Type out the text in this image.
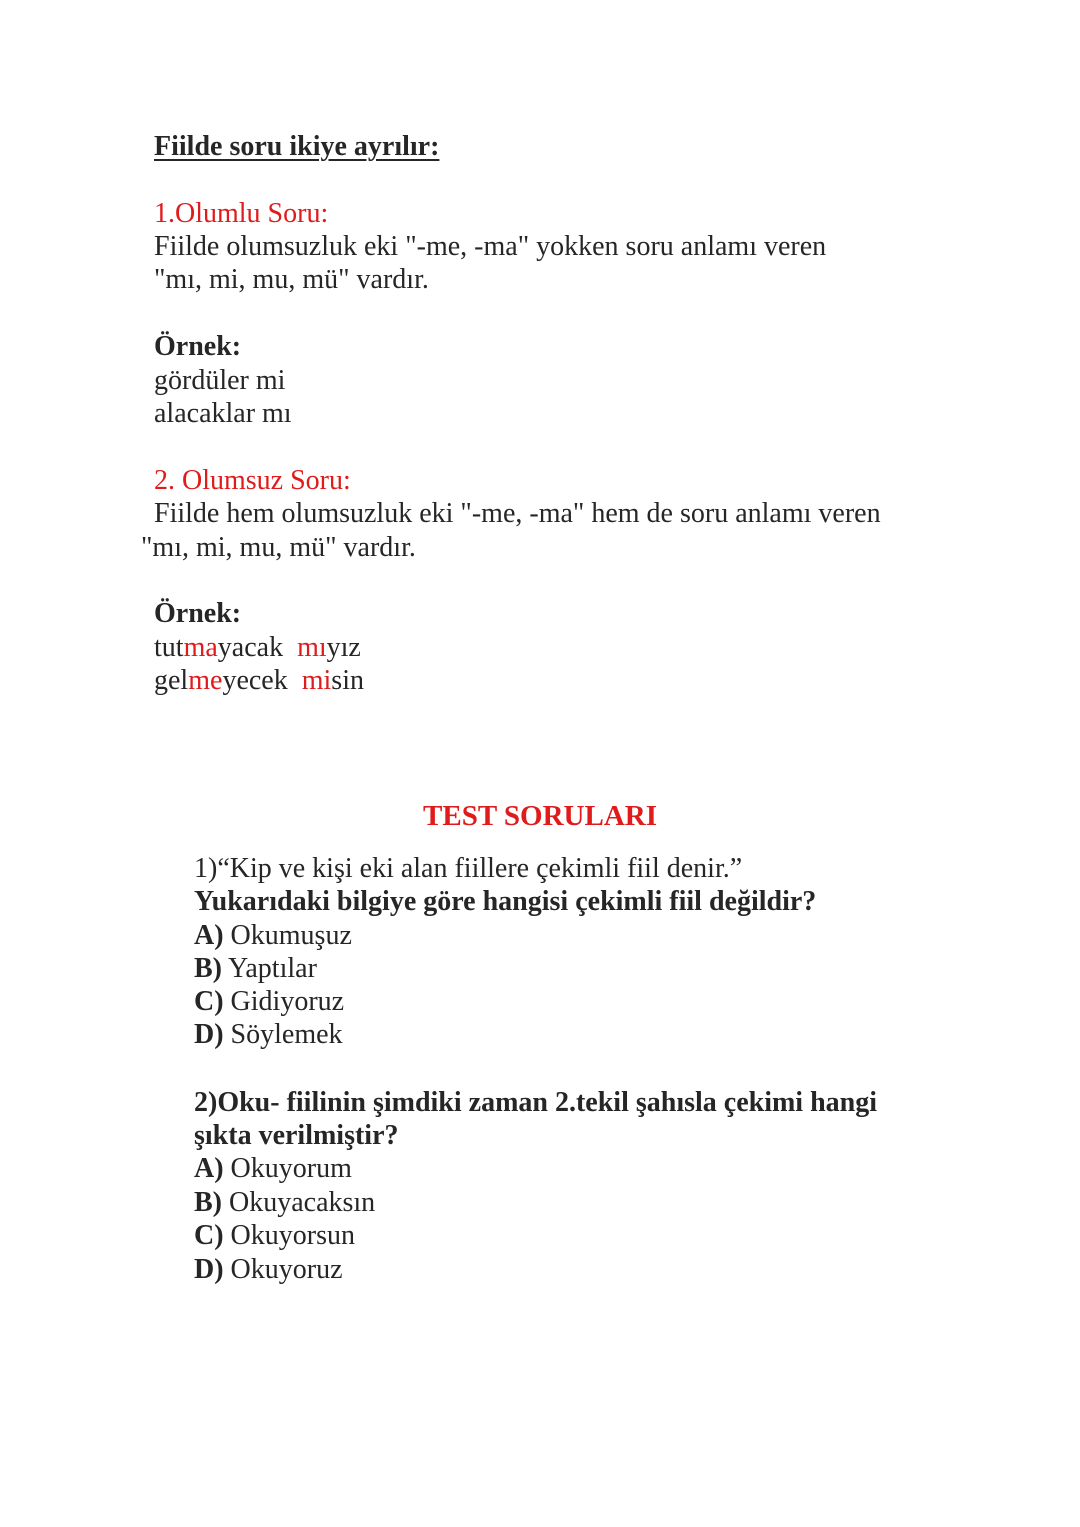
Fiilde soru ikiye ayrılır:
1.Olumlu Soru:
Fiilde olumsuzluk eki "-me, -ma" yokken soru anlamı veren
"mı, mi, mu, mü" vardır.
Örnek:
gördüler mi
alacaklar mı
2. Olumsuz Soru:
Fiilde hem olumsuzluk eki "-me, -ma" hem de soru anlamı veren
"mı, mi, mu, mü" vardır.
Örnek:
tutmayacak  mıyız
gelmeyecek  misin
TEST SORULARI
1)“Kip ve kişi eki alan fiillere çekimli fiil denir.”
Yukarıdaki bilgiye göre hangisi çekimli fiil değildir?
A) Okumuşuz
B) Yaptılar
C) Gidiyoruz
D) Söylemek
2)Oku- fiilinin şimdiki zaman 2.tekil şahısla çekimi hangi
şıkta verilmiştir?
A) Okuyorum
B) Okuyacaksın
C) Okuyorsun
D) Okuyoruz
